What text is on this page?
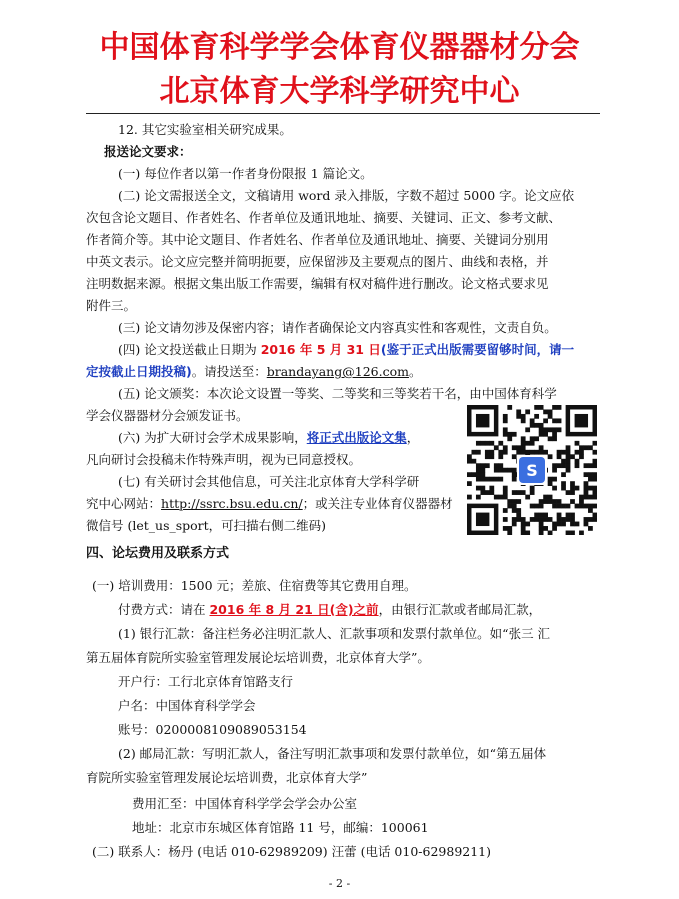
中国体育科学学会体育仪器器材分会
北京体育大学科学研究中心
12. 其它实验室相关研究成果。
报送论文要求：
(一) 每位作者以第一作者身份限报 1 篇论文。
(二) 论文需报送全文，文稿请用 word 录入排版，字数不超过 5000 字。论文应依
次包含论文题目、作者姓名、作者单位及通讯地址、摘要、关键词、正文、参考文献、
作者简介等。其中论文题目、作者姓名、作者单位及通讯地址、摘要、关键词分别用
中英文表示。论文应完整并简明扼要，应保留涉及主要观点的图片、曲线和表格，并
注明数据来源。根据文集出版工作需要，编辑有权对稿件进行删改。论文格式要求见
附件三。
(三) 论文请勿涉及保密内容；请作者确保论文内容真实性和客观性，文责自负。
(四) 论文投送截止日期为 2016 年 5 月 31 日(鉴于正式出版需要留够时间，请一
定按截止日期投稿)。请投送至：brandayang@126.com。
(五) 论文颁奖：本次论文设置一等奖、二等奖和三等奖若干名，由中国体育科学
学会仪器器材分会颁发证书。
(六) 为扩大研讨会学术成果影响，将正式出版论文集，
凡向研讨会投稿未作特殊声明，视为已同意授权。
(七) 有关研讨会其他信息，可关注北京体育大学科学研
究中心网站：http://ssrc.bsu.edu.cn/；或关注专业体育仪器器材
微信号 (let_us_sport，可扫描右侧二维码)
S
四、论坛费用及联系方式
(一) 培训费用：1500 元；差旅、住宿费等其它费用自理。
付费方式：请在 2016 年 8 月 21 日(含)之前，由银行汇款或者邮局汇款，
(1) 银行汇款：备注栏务必注明汇款人、汇款事项和发票付款单位。如“张三 汇
第五届体育院所实验室管理发展论坛培训费，北京体育大学”。
开户行：工行北京体育馆路支行
户名：中国体育科学学会
账号：0200008109089053154
(2) 邮局汇款：写明汇款人，备注写明汇款事项和发票付款单位，如“第五届体
育院所实验室管理发展论坛培训费，北京体育大学”
费用汇至：中国体育科学学会学会办公室
地址：北京市东城区体育馆路 11 号，邮编：100061
(二) 联系人：杨丹 (电话 010-62989209) 汪蕾 (电话 010-62989211)
- 2 -
